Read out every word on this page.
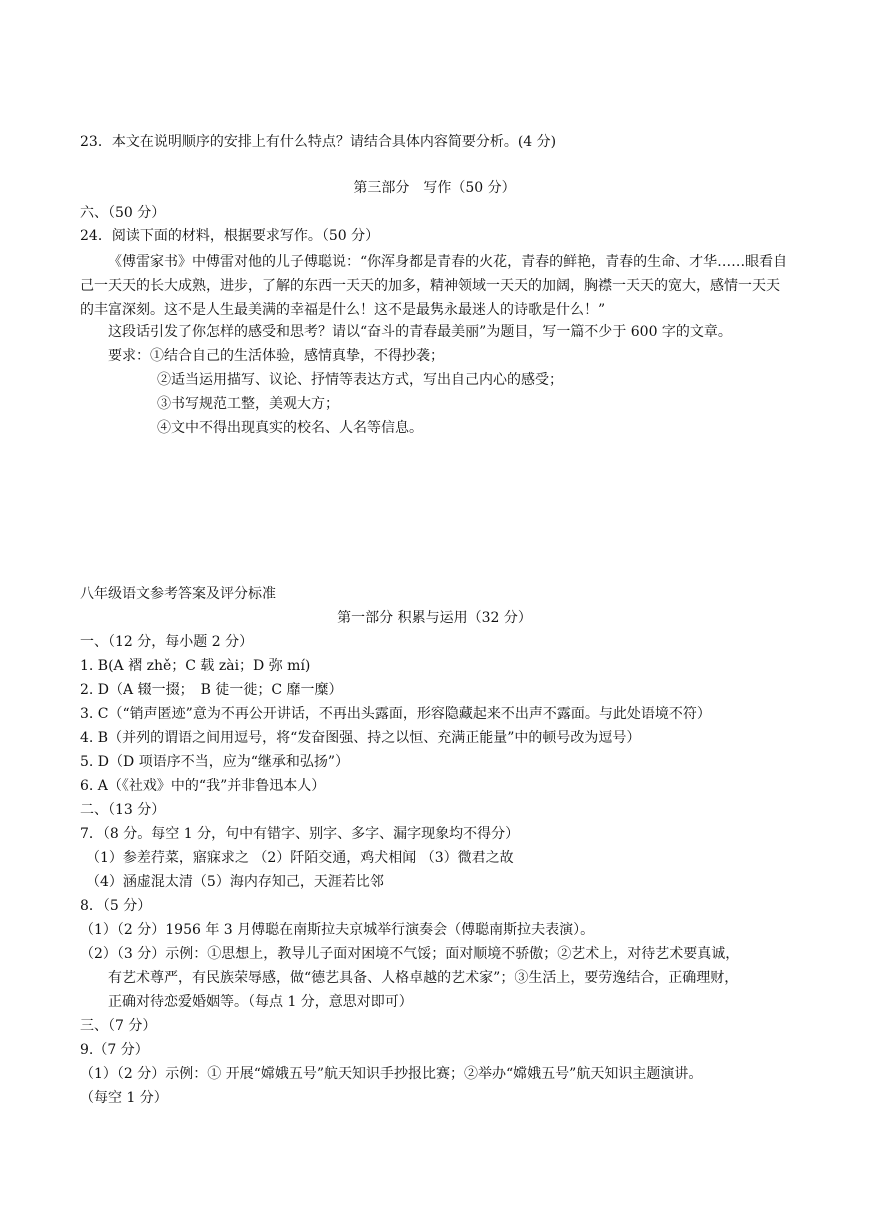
23．本文在说明顺序的安排上有什么特点？请结合具体内容简要分析。(4 分)
第三部分　写作（50 分）
六、（50 分）
24．阅读下面的材料，根据要求写作。（50 分）
《傅雷家书》中傅雷对他的儿子傅聪说：“你浑身都是青春的火花，青春的鲜艳，青春的生命、才华……眼看自己一天天的长大成熟，进步，了解的东西一天天的加多，精神领域一天天的加阔，胸襟一天天的宽大，感情一天天的丰富深刻。这不是人生最美满的幸福是什么！这不是最隽永最迷人的诗歌是什么！”
这段话引发了你怎样的感受和思考？请以“奋斗的青春最美丽”为题目，写一篇不少于 600 字的文章。
要求：①结合自己的生活体验，感情真挚，不得抄袭；
②适当运用描写、议论、抒情等表达方式，写出自己内心的感受；
③书写规范工整，美观大方；
④文中不得出现真实的校名、人名等信息。
八年级语文参考答案及评分标准
第一部分 积累与运用（32 分）
一、（12 分，每小题 2 分）
1. B(A 褶 zhě；C 载 zài；D 弥 mí)
2. D（A 辍一掇；　B 徒一徙；C 靡一糜）
3. C（“销声匿迹”意为不再公开讲话，不再出头露面，形容隐藏起来不出声不露面。与此处语境不符）
4. B（并列的谓语之间用逗号，将“发奋图强、持之以恒、充满正能量”中的顿号改为逗号）
5. D（D 项语序不当，应为“继承和弘扬”）
6. A（《社戏》中的“我”并非鲁迅本人）
二、（13 分）
7．（8 分。每空 1 分，句中有错字、别字、多字、漏字现象均不得分）
（1）参差荇菜，寤寐求之 （2）阡陌交通，鸡犬相闻 （3）微君之故
（4）涵虚混太清（5）海内存知己，天涯若比邻
8．（5 分）
（1）（2 分）1956 年 3 月傅聪在南斯拉夫京城举行演奏会（傅聪南斯拉夫表演）。
（2）（3 分）示例：①思想上，教导儿子面对困境不气馁；面对顺境不骄傲；②艺术上，对待艺术要真诚，
有艺术尊严，有民族荣辱感，做“德艺具备、人格卓越的艺术家”；③生活上，要劳逸结合，正确理财，
正确对待恋爱婚姻等。（每点 1 分，意思对即可）
三、（7 分）
9.（7 分）
（1）（2 分）示例：① 开展“嫦娥五号”航天知识手抄报比赛；②举办“嫦娥五号”航天知识主题演讲。
（每空 1 分）
